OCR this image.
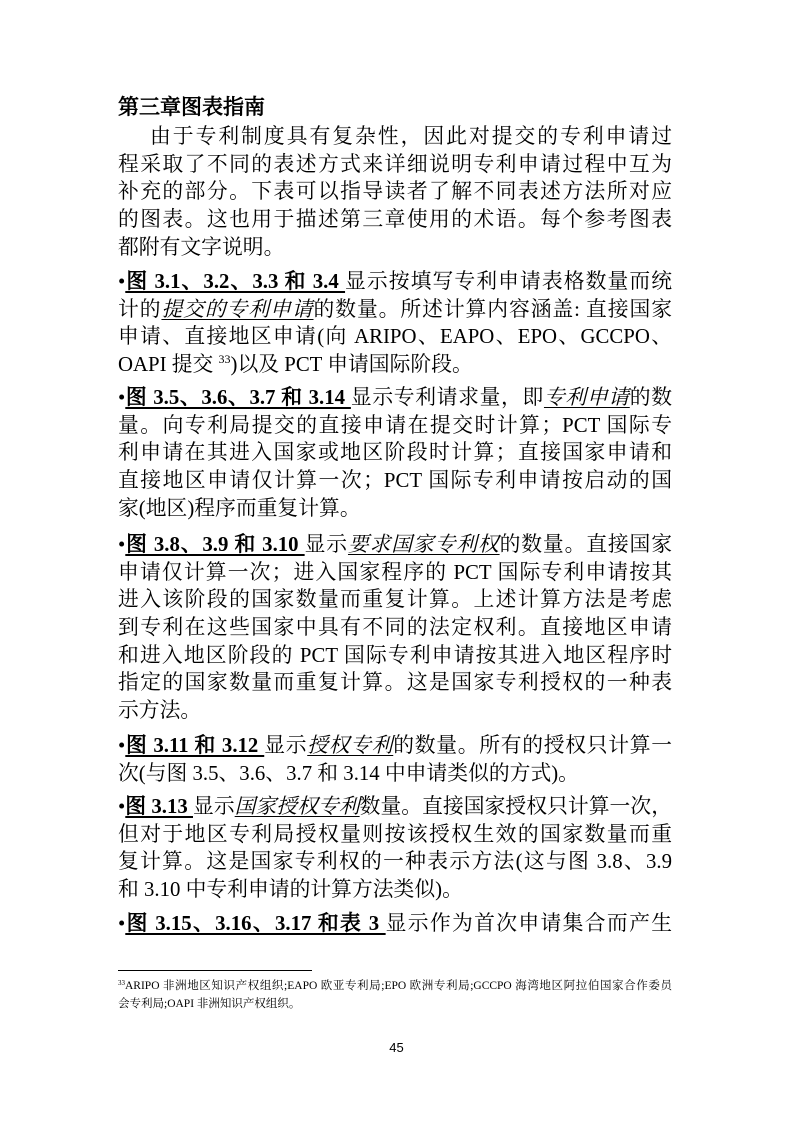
第三章图表指南
由于专利制度具有复杂性，因此对提交的专利申请过
程采取了不同的表述方式来详细说明专利申请过程中互为
补充的部分。下表可以指导读者了解不同表述方法所对应
的图表。这也用于描述第三章使用的术语。每个参考图表
都附有文字说明。
•图 3.1、3.2、3.3 和 3.4 显示按填写专利申请表格数量而统
计的提交的专利申请的数量。所述计算内容涵盖: 直接国家
申请、直接地区申请(向 ARIPO、EAPO、EPO、GCCPO、
OAPI 提交 $^{33}$)以及 PCT 申请国际阶段。
•图 3.5、3.6、3.7 和 3.14 显示专利请求量，即专利申请的数
量。向专利局提交的直接申请在提交时计算；PCT 国际专
利申请在其进入国家或地区阶段时计算；直接国家申请和
直接地区申请仅计算一次；PCT 国际专利申请按启动的国
家(地区)程序而重复计算。
•图 3.8、3.9 和 3.10 显示要求国家专利权的数量。直接国家
申请仅计算一次；进入国家程序的 PCT 国际专利申请按其
进入该阶段的国家数量而重复计算。上述计算方法是考虑
到专利在这些国家中具有不同的法定权利。直接地区申请
和进入地区阶段的 PCT 国际专利申请按其进入地区程序时
指定的国家数量而重复计算。这是国家专利授权的一种表
示方法。
•图 3.11 和 3.12 显示授权专利的数量。所有的授权只计算一
次(与图 3.5、3.6、3.7 和 3.14 中申请类似的方式)。
•图 3.13 显示国家授权专利数量。直接国家授权只计算一次，
但对于地区专利局授权量则按该授权生效的国家数量而重
复计算。这是国家专利权的一种表示方法(这与图 3.8、3.9
和 3.10 中专利申请的计算方法类似)。
•图 3.15、3.16、3.17 和表 3 显示作为首次申请集合而产生
$^{33}$ARIPO 非洲地区知识产权组织;EAPO 欧亚专利局;EPO 欧洲专利局;GCCPO 海湾地区阿拉伯国家合作委员
会专利局;OAPI 非洲知识产权组织。
45
